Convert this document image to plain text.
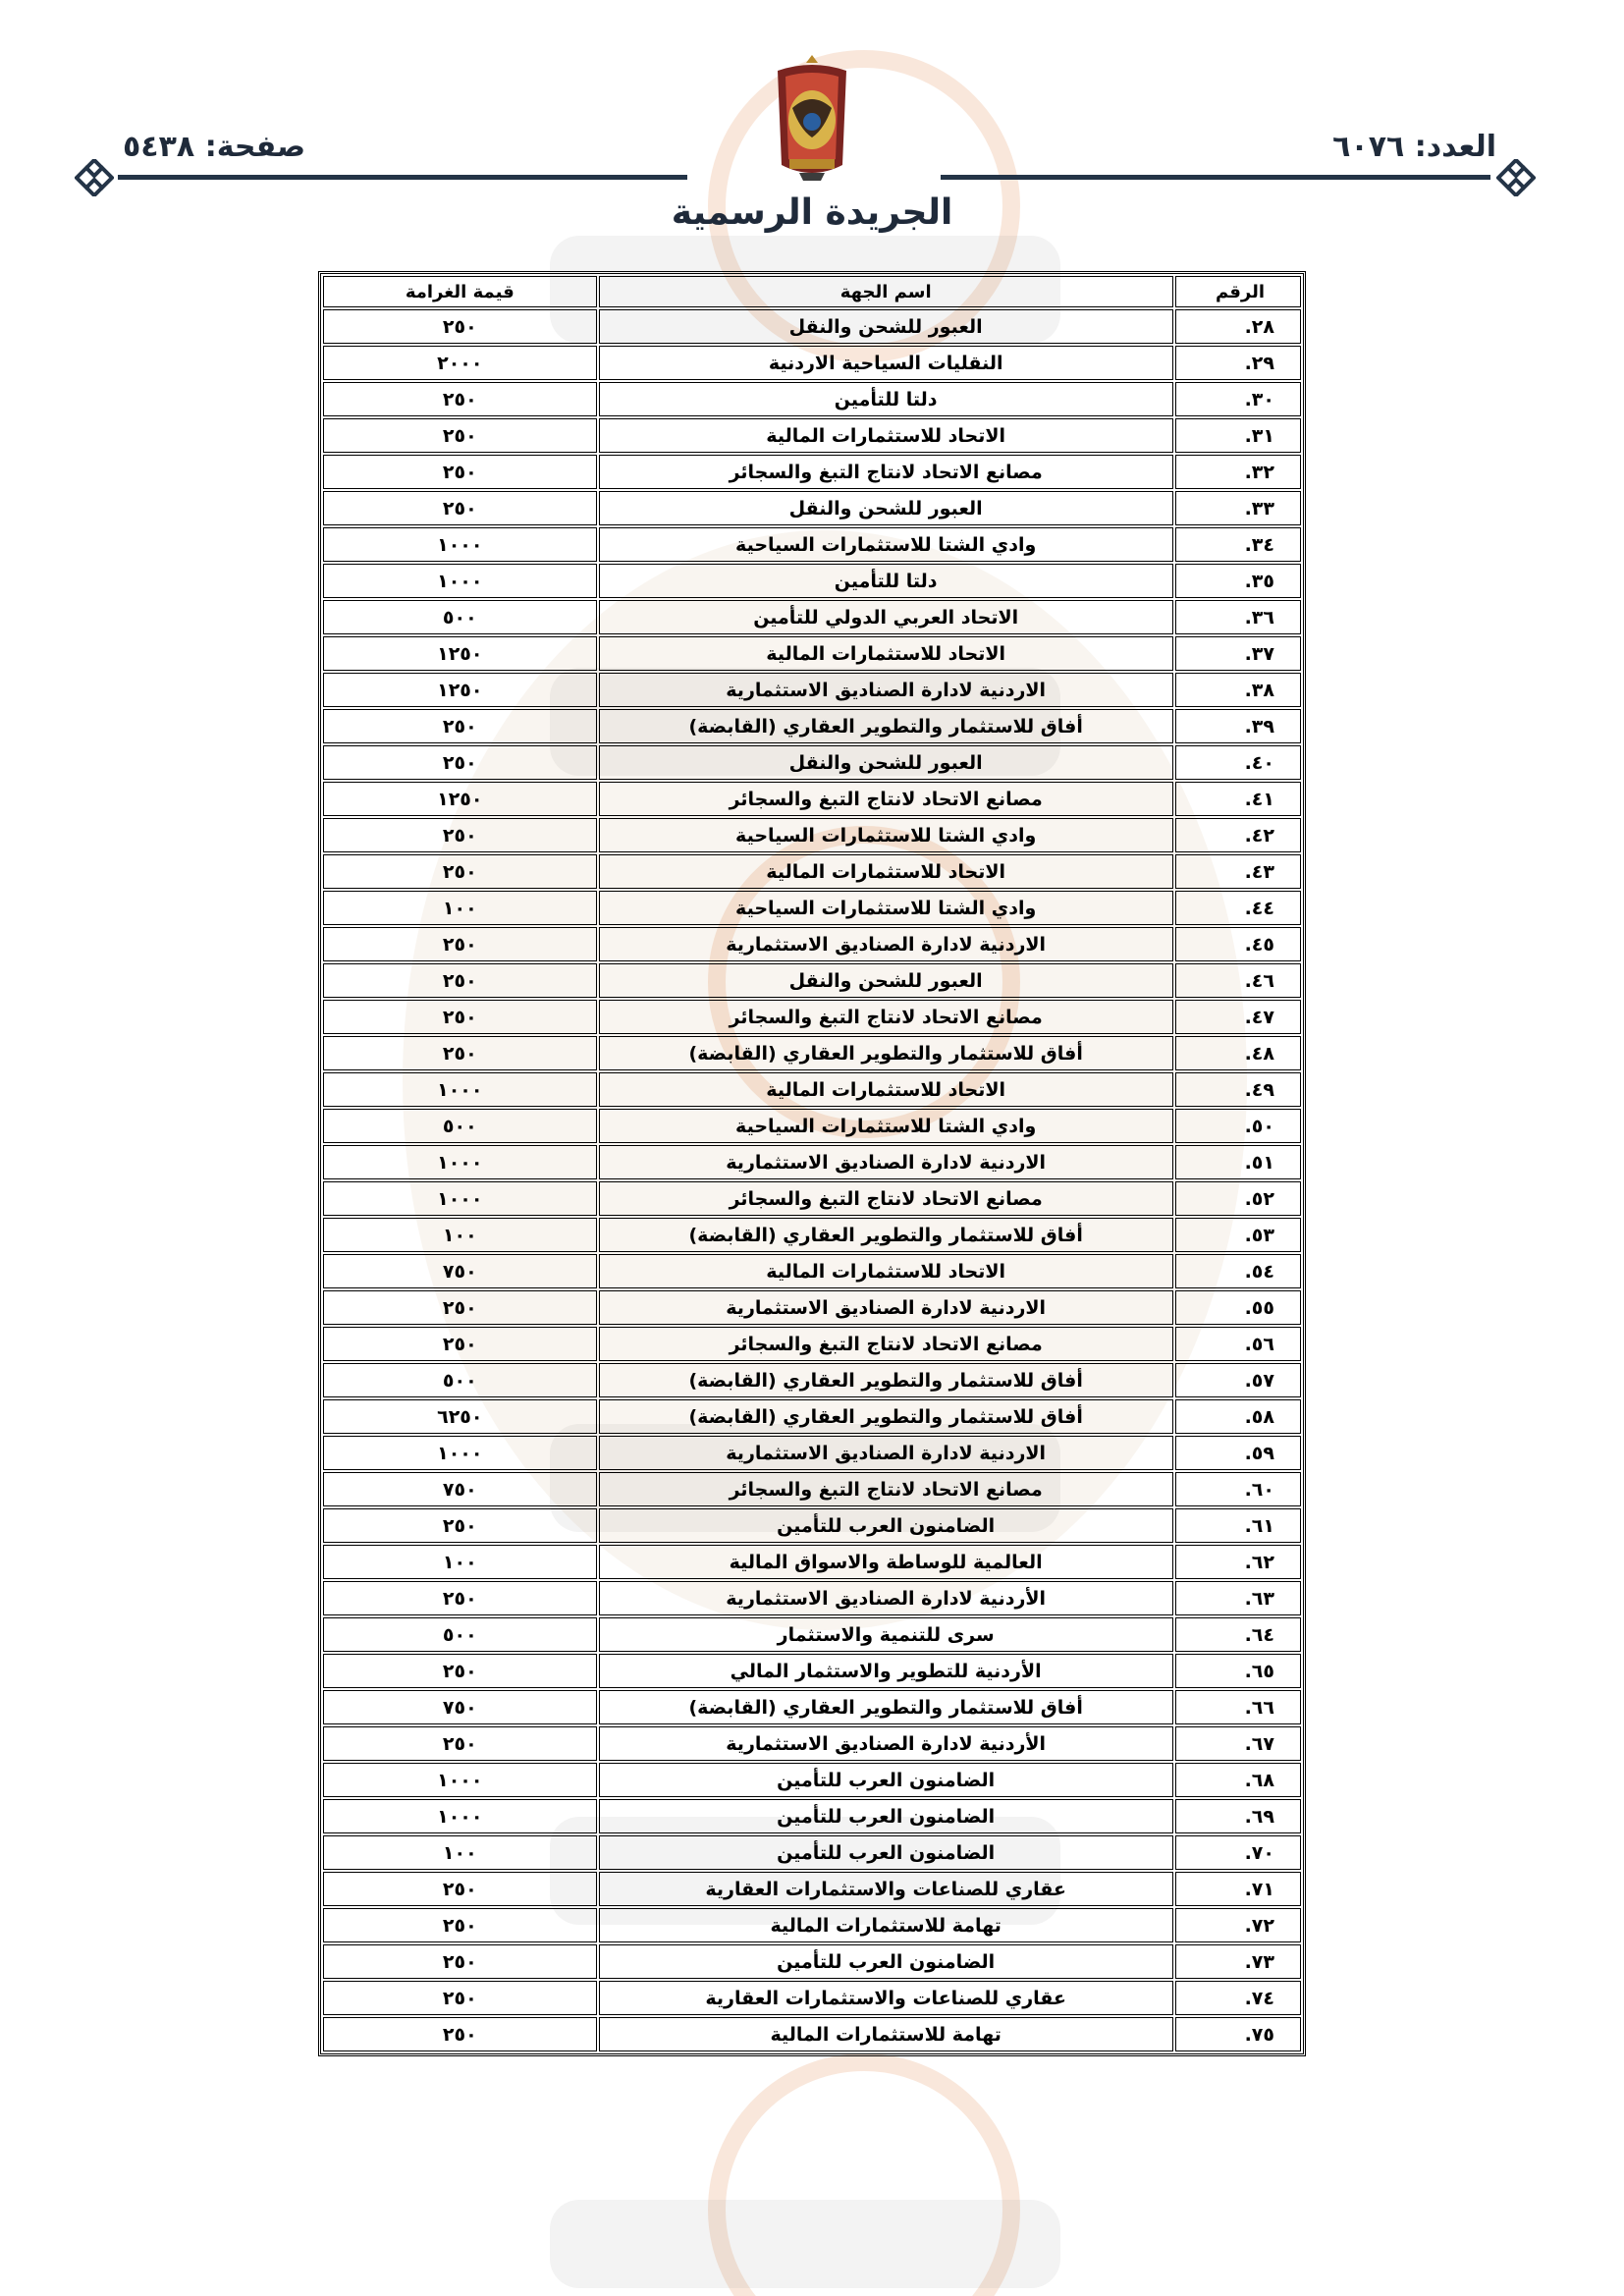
العدد: ٦٠٧٦
صفحة: ٥٤٣٨
الجريدة الرسمية
الرقم	اسم الجهة	قيمة الغرامة
٢٨.	العبور للشحن والنقل	٢٥٠
٢٩.	النقليات السياحية الاردنية	٢٠٠٠
٣٠.	دلتا للتأمين	٢٥٠
٣١.	الاتحاد للاستثمارات المالية	٢٥٠
٣٢.	مصانع الاتحاد لانتاج التبغ والسجائر	٢٥٠
٣٣.	العبور للشحن والنقل	٢٥٠
٣٤.	وادي الشتا للاستثمارات السياحية	١٠٠٠
٣٥.	دلتا للتأمين	١٠٠٠
٣٦.	الاتحاد العربي الدولي للتأمين	٥٠٠
٣٧.	الاتحاد للاستثمارات المالية	١٢٥٠
٣٨.	الاردنية لادارة الصناديق الاستثمارية	١٢٥٠
٣٩.	أفاق للاستثمار والتطوير العقاري (القابضة)	٢٥٠
٤٠.	العبور للشحن والنقل	٢٥٠
٤١.	مصانع الاتحاد لانتاج التبغ والسجائر	١٢٥٠
٤٢.	وادي الشتا للاستثمارات السياحية	٢٥٠
٤٣.	الاتحاد للاستثمارات المالية	٢٥٠
٤٤.	وادي الشتا للاستثمارات السياحية	١٠٠
٤٥.	الاردنية لادارة الصناديق الاستثمارية	٢٥٠
٤٦.	العبور للشحن والنقل	٢٥٠
٤٧.	مصانع الاتحاد لانتاج التبغ والسجائر	٢٥٠
٤٨.	أفاق للاستثمار والتطوير العقاري (القابضة)	٢٥٠
٤٩.	الاتحاد للاستثمارات المالية	١٠٠٠
٥٠.	وادي الشتا للاستثمارات السياحية	٥٠٠
٥١.	الاردنية لادارة الصناديق الاستثمارية	١٠٠٠
٥٢.	مصانع الاتحاد لانتاج التبغ والسجائر	١٠٠٠
٥٣.	أفاق للاستثمار والتطوير العقاري (القابضة)	١٠٠
٥٤.	الاتحاد للاستثمارات المالية	٧٥٠
٥٥.	الاردنية لادارة الصناديق الاستثمارية	٢٥٠
٥٦.	مصانع الاتحاد لانتاج التبغ والسجائر	٢٥٠
٥٧.	أفاق للاستثمار والتطوير العقاري (القابضة)	٥٠٠
٥٨.	أفاق للاستثمار والتطوير العقاري (القابضة)	٦٢٥٠
٥٩.	الاردنية لادارة الصناديق الاستثمارية	١٠٠٠
٦٠.	مصانع الاتحاد لانتاج التبغ والسجائر	٧٥٠
٦١.	الضامنون العرب للتأمين	٢٥٠
٦٢.	العالمية للوساطة والاسواق المالية	١٠٠
٦٣.	الأردنية لادارة الصناديق الاستثمارية	٢٥٠
٦٤.	سرى للتنمية والاستثمار	٥٠٠
٦٥.	الأردنية للتطوير والاستثمار المالي	٢٥٠
٦٦.	أفاق للاستثمار والتطوير العقاري (القابضة)	٧٥٠
٦٧.	الأردنية لادارة الصناديق الاستثمارية	٢٥٠
٦٨.	الضامنون العرب للتأمين	١٠٠٠
٦٩.	الضامنون العرب للتأمين	١٠٠٠
٧٠.	الضامنون العرب للتأمين	١٠٠
٧١.	عقاري للصناعات والاستثمارات العقارية	٢٥٠
٧٢.	تهامة للاستثمارات المالية	٢٥٠
٧٣.	الضامنون العرب للتأمين	٢٥٠
٧٤.	عقاري للصناعات والاستثمارات العقارية	٢٥٠
٧٥.	تهامة للاستثمارات المالية	٢٥٠
